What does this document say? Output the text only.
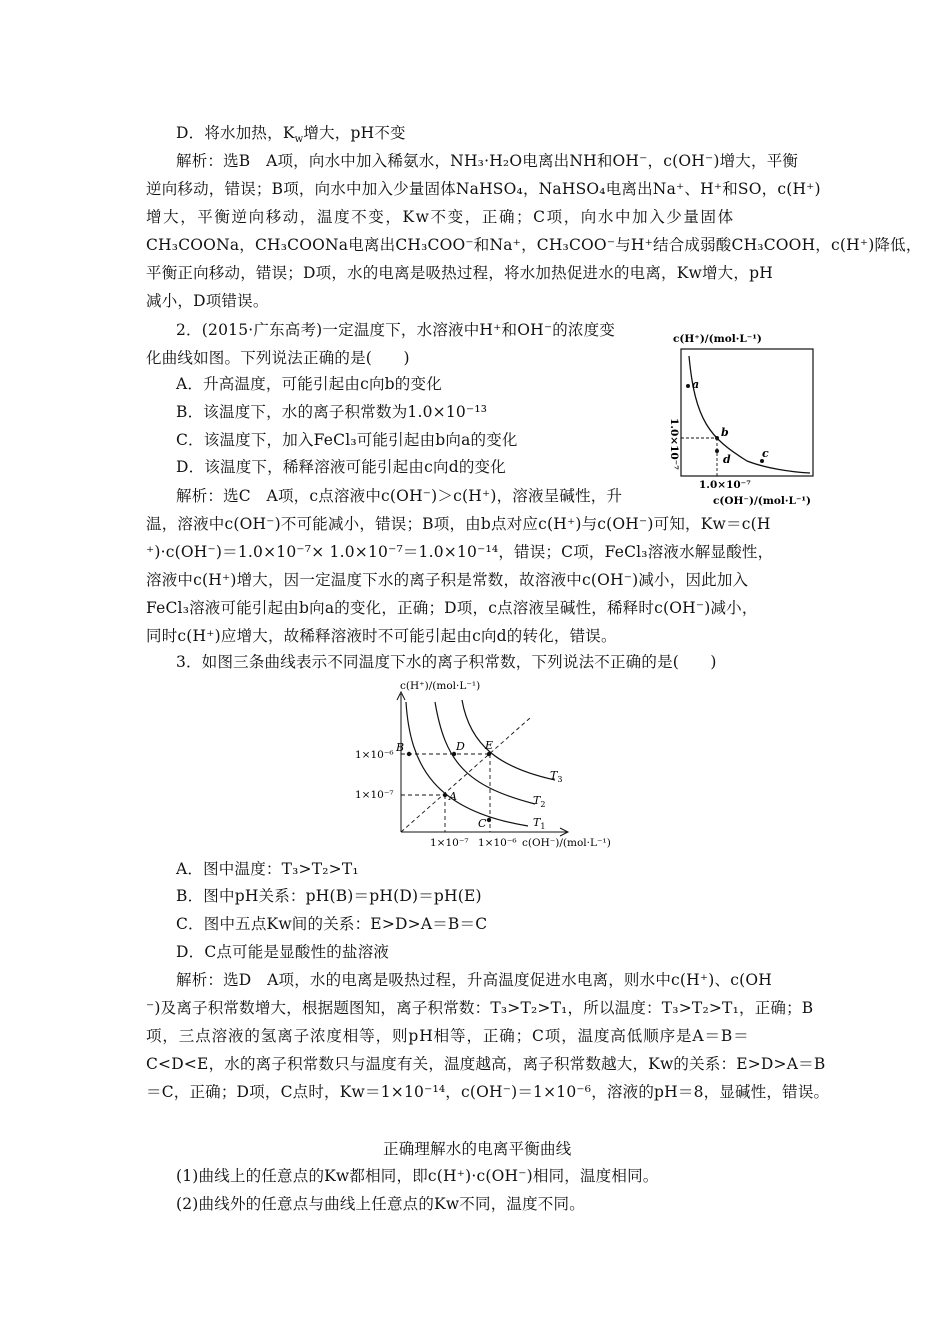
D．将水加热，$K_w$增大，pH不变
解析：选B　A项，向水中加入稀氨水，NH₃·H₂O电离出NH和OH⁻，c(OH⁻)增大，平衡
逆向移动，错误；B项，向水中加入少量固体NaHSO₄，NaHSO₄电离出Na⁺、H⁺和SO，c(H⁺)
增大，平衡逆向移动，温度不变，Kw不变，正确；C项，向水中加入少量固体
CH₃COONa，CH₃COONa电离出CH₃COO⁻和Na⁺，CH₃COO⁻与H⁺结合成弱酸CH₃COOH，c(H⁺)降低，
平衡正向移动，错误；D项，水的电离是吸热过程，将水加热促进水的电离，Kw增大，pH
减小，D项错误。
2．(2015·广东高考)一定温度下，水溶液中H⁺和OH⁻的浓度变
化曲线如图。下列说法正确的是(　　)
A．升高温度，可能引起由c向b的变化
B．该温度下，水的离子积常数为1.0×10⁻¹³
C．该温度下，加入FeCl₃可能引起由b向a的变化
D．该温度下，稀释溶液可能引起由c向d的变化
解析：选C　A项，c点溶液中c(OH⁻)＞c(H⁺)，溶液呈碱性，升
温，溶液中c(OH⁻)不可能减小，错误；B项，由b点对应c(H⁺)与c(OH⁻)可知，Kw＝c(H
⁺)·c(OH⁻)＝1.0×10⁻⁷× 1.0×10⁻⁷＝1.0×10⁻¹⁴，错误；C项，FeCl₃溶液水解显酸性，
溶液中c(H⁺)增大，因一定温度下水的离子积是常数，故溶液中c(OH⁻)减小，因此加入
FeCl₃溶液可能引起由b向a的变化，正确；D项，c点溶液呈碱性，稀释时c(OH⁻)减小，
同时c(H⁺)应增大，故稀释溶液时不可能引起由c向d的转化，错误。
c(H⁺)/(mol·L⁻¹)
a
b
d	c
1.0×10⁻⁷
1.0×10⁻⁷
c(OH⁻)/(mol·L⁻¹)
3．如图三条曲线表示不同温度下水的离子积常数，下列说法不正确的是(　　)
c(H⁺)/(mol·L⁻¹)
B	D E
A
C
$T_3$
$T_2$
$T_1$
1×10⁻⁶
1×10⁻⁷
1×10⁻⁷ 1×10⁻⁶ c(OH⁻)/(mol·L⁻¹)
A．图中温度：T₃>T₂>T₁
B．图中pH关系：pH(B)＝pH(D)＝pH(E)
C．图中五点Kw间的关系：E>D>A＝B＝C
D．C点可能是显酸性的盐溶液
解析：选D　A项，水的电离是吸热过程，升高温度促进水电离，则水中c(H⁺)、c(OH
⁻)及离子积常数增大，根据题图知，离子积常数：T₃>T₂>T₁，所以温度：T₃>T₂>T₁，正确；B
项，三点溶液的氢离子浓度相等，则pH相等，正确；C项，温度高低顺序是A＝B＝
C<D<E，水的离子积常数只与温度有关，温度越高，离子积常数越大，Kw的关系：E>D>A＝B
＝C，正确；D项，C点时，Kw＝1×10⁻¹⁴，c(OH⁻)＝1×10⁻⁶，溶液的pH＝8，显碱性，错误。
正确理解水的电离平衡曲线
(1)曲线上的任意点的Kw都相同，即c(H⁺)·c(OH⁻)相同，温度相同。
(2)曲线外的任意点与曲线上任意点的Kw不同，温度不同。
